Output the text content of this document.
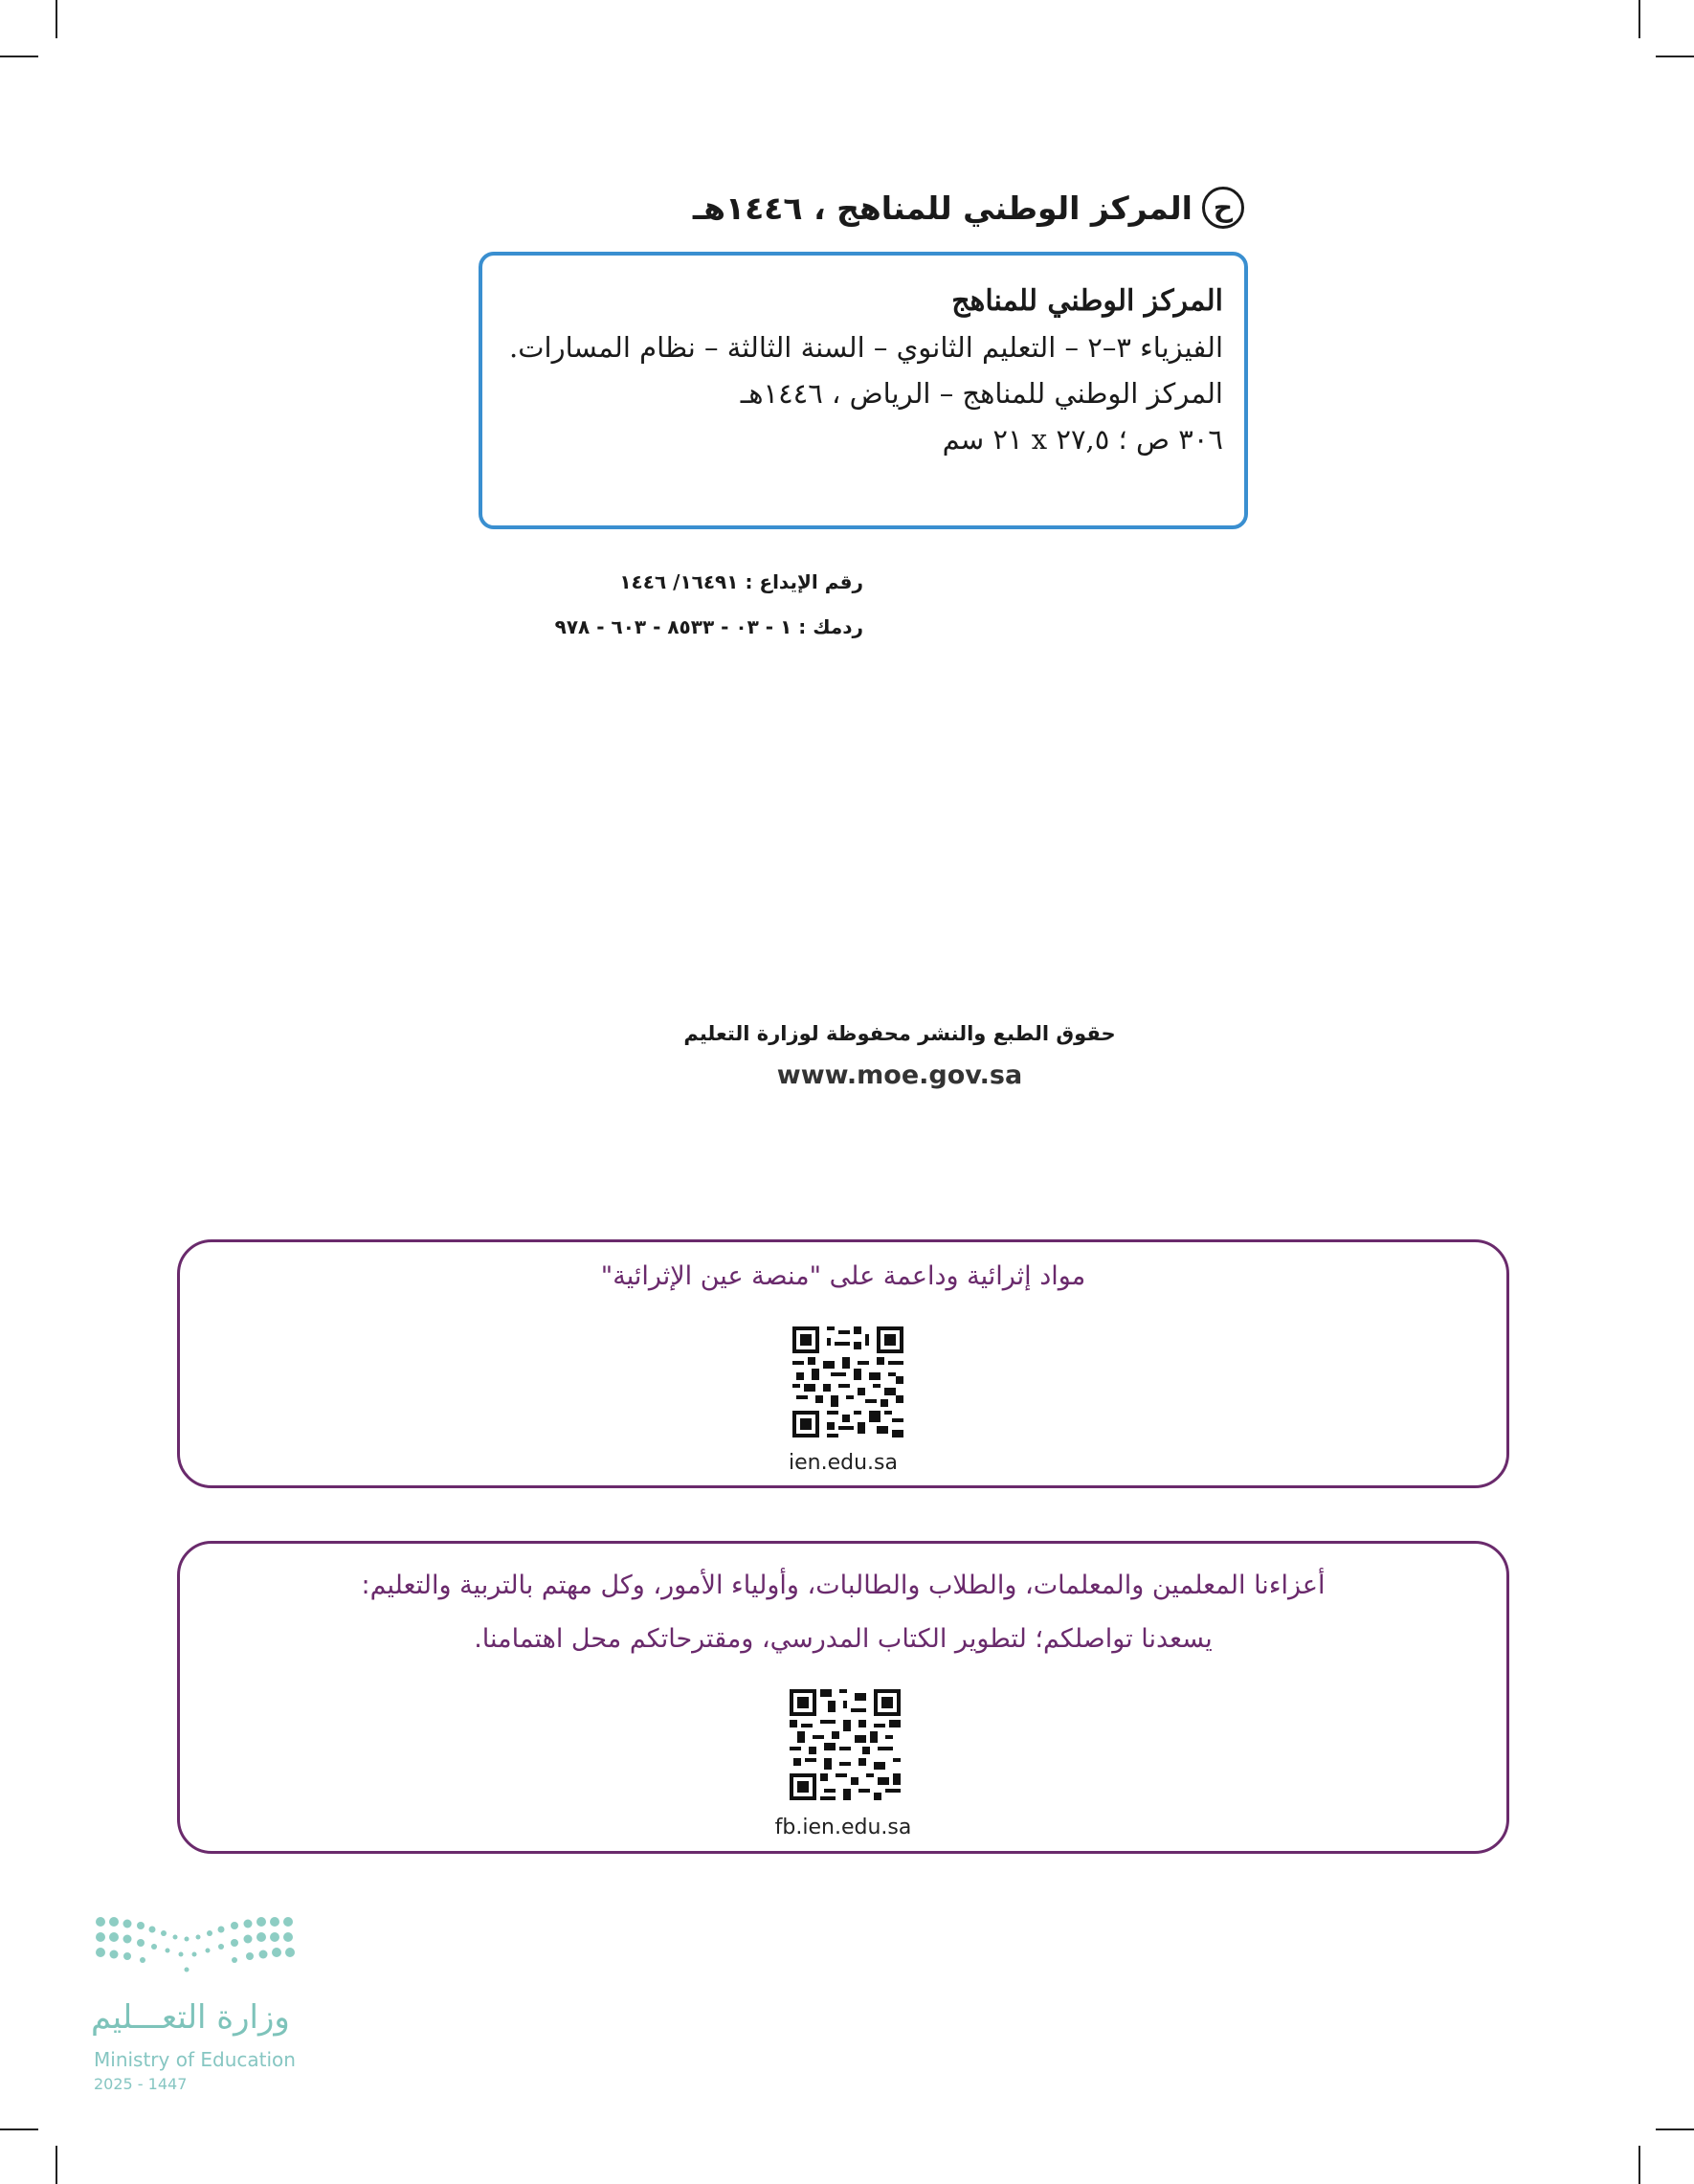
ح
المركز الوطني للمناهج ، ١٤٤٦هـ
المركز الوطني للمناهج
الفيزياء ٣–٢ – التعليم الثانوي – السنة الثالثة – نظام المسارات.
المركز الوطني للمناهج – الرياض ، ١٤٤٦هـ
٣٠٦ ص ؛ ٢٧,٥ x ٢١ سم
رقم الإيداع : ١٦٤٩١/ ١٤٤٦
ردمك : ١ - ٠٣ - ٨٥٣٣ - ٦٠٣ - ٩٧٨
حقوق الطبع والنشر محفوظة لوزارة التعليم
www.moe.gov.sa
مواد إثرائية وداعمة على "منصة عين الإثرائية"
ien.edu.sa
أعزاءنا المعلمين والمعلمات، والطلاب والطالبات، وأولياء الأمور، وكل مهتم بالتربية والتعليم:
يسعدنا تواصلكم؛ لتطوير الكتاب المدرسي، ومقترحاتكم محل اهتمامنا.
fb.ien.edu.sa
وزارة التعـــليم
Ministry of Education
2025 - 1447
